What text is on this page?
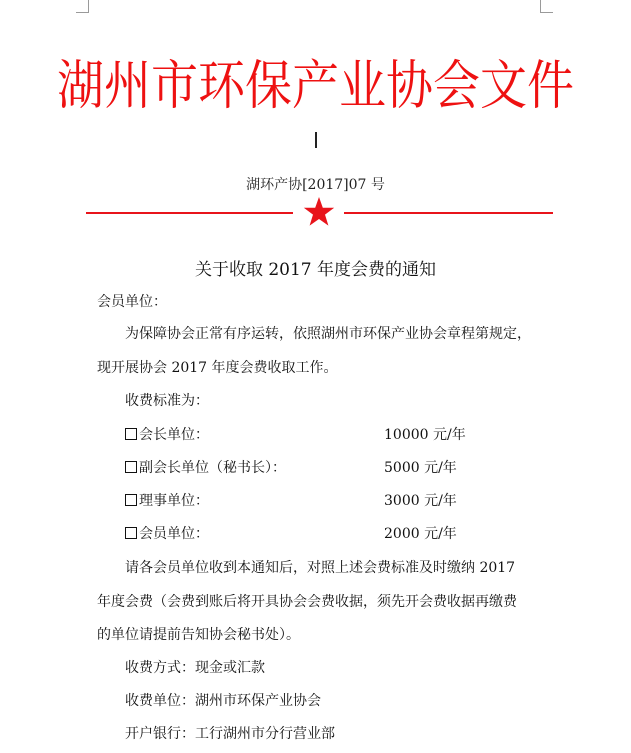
湖州市环保产业协会文件
湖环产协[2017]07 号
关于收取 2017 年度会费的通知
会员单位：
为保障协会正常有序运转，依照湖州市环保产业协会章程第规定，
现开展协会 2017 年度会费收取工作。
收费标准为：
会长单位：	10000 元/年
副会长单位（秘书长）：	5000 元/年
理事单位：	3000 元/年
会员单位：	2000 元/年
请各会员单位收到本通知后，对照上述会费标准及时缴纳 2017
年度会费（会费到账后将开具协会会费收据，须先开会费收据再缴费
的单位请提前告知协会秘书处）。
收费方式：现金或汇款
收费单位：湖州市环保产业协会
开户银行：工行湖州市分行营业部
